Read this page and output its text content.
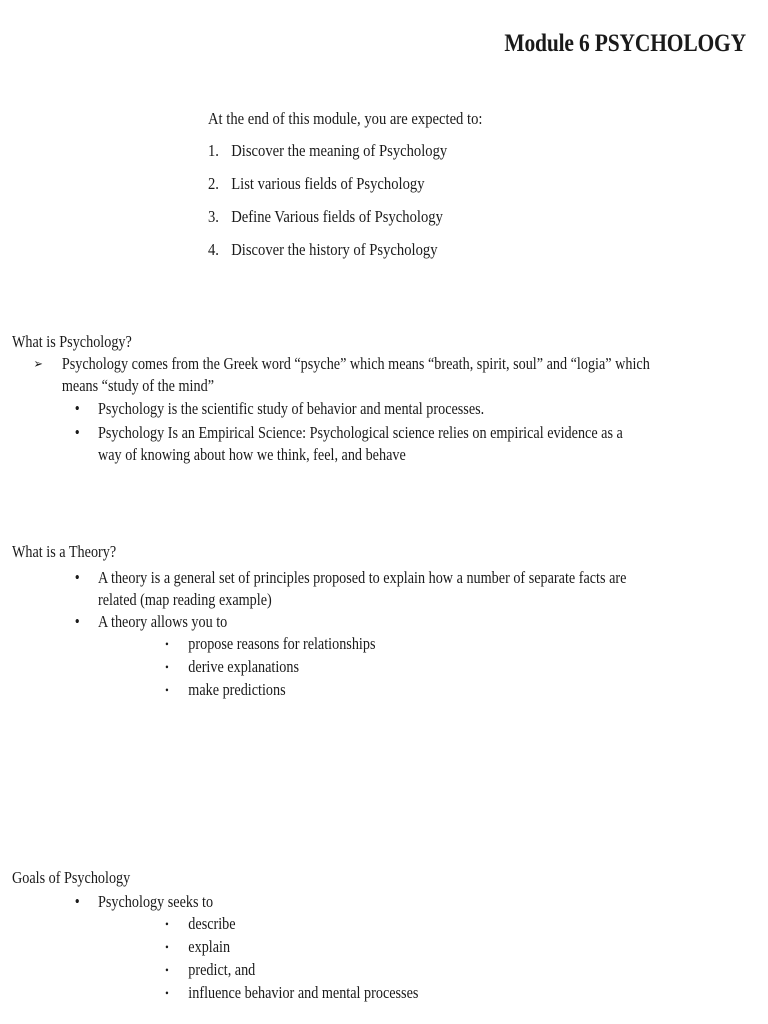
Module 6 PSYCHOLOGY

At the end of this module, you are expected to:

1. Discover the meaning of Psychology
2. List various fields of Psychology
3. Define Various fields of Psychology
4. Discover the history of Psychology

What is Psychology?

➢ Psychology comes from the Greek word “psyche” which means “breath, spirit, soul” and “logia” which
means “study of the mind”
• Psychology is the scientific study of behavior and mental processes.
• Psychology Is an Empirical Science: Psychological science relies on empirical evidence as a
way of knowing about how we think, feel, and behave

What is a Theory?

• A theory is a general set of principles proposed to explain how a number of separate facts are
related (map reading example)
• A theory allows you to
• propose reasons for relationships
• derive explanations
• make predictions

Goals of Psychology

• Psychology seeks to
• describe
• explain
• predict, and
• influence behavior and mental processes
